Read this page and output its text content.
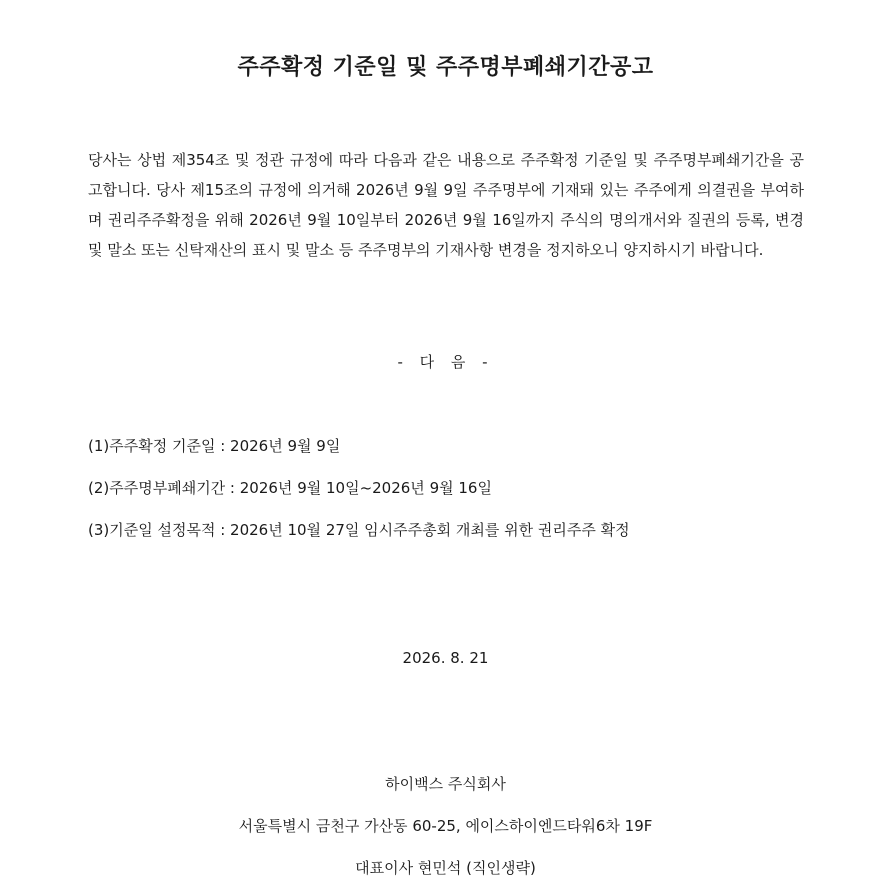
주주확정 기준일 및 주주명부폐쇄기간공고
당사는 상법 제354조 및 정관 규정에 따라 다음과 같은 내용으로 주주확정 기준일 및 주주명부폐쇄기간을 공고합니다. 당사 제15조의 규정에 의거해 2026년 9월 9일 주주명부에 기재돼 있는 주주에게 의결권을 부여하며 권리주주확정을 위해 2026년 9월 10일부터 2026년 9월 16일까지 주식의 명의개서와 질권의 등록, 변경 및 말소 또는 신탁재산의 표시 및 말소 등 주주명부의 기재사항 변경을 정지하오니 양지하시기 바랍니다.
- 다 음 -
(1)주주확정 기준일 : 2026년 9월 9일
(2)주주명부폐쇄기간 : 2026년 9월 10일~2026년 9월 16일
(3)기준일 설정목적 : 2026년 10월 27일 임시주주총회 개최를 위한 권리주주 확정
2026. 8. 21
하이백스 주식회사
서울특별시 금천구 가산동 60-25, 에이스하이엔드타워6차 19F
대표이사 현민석 (직인생략)
